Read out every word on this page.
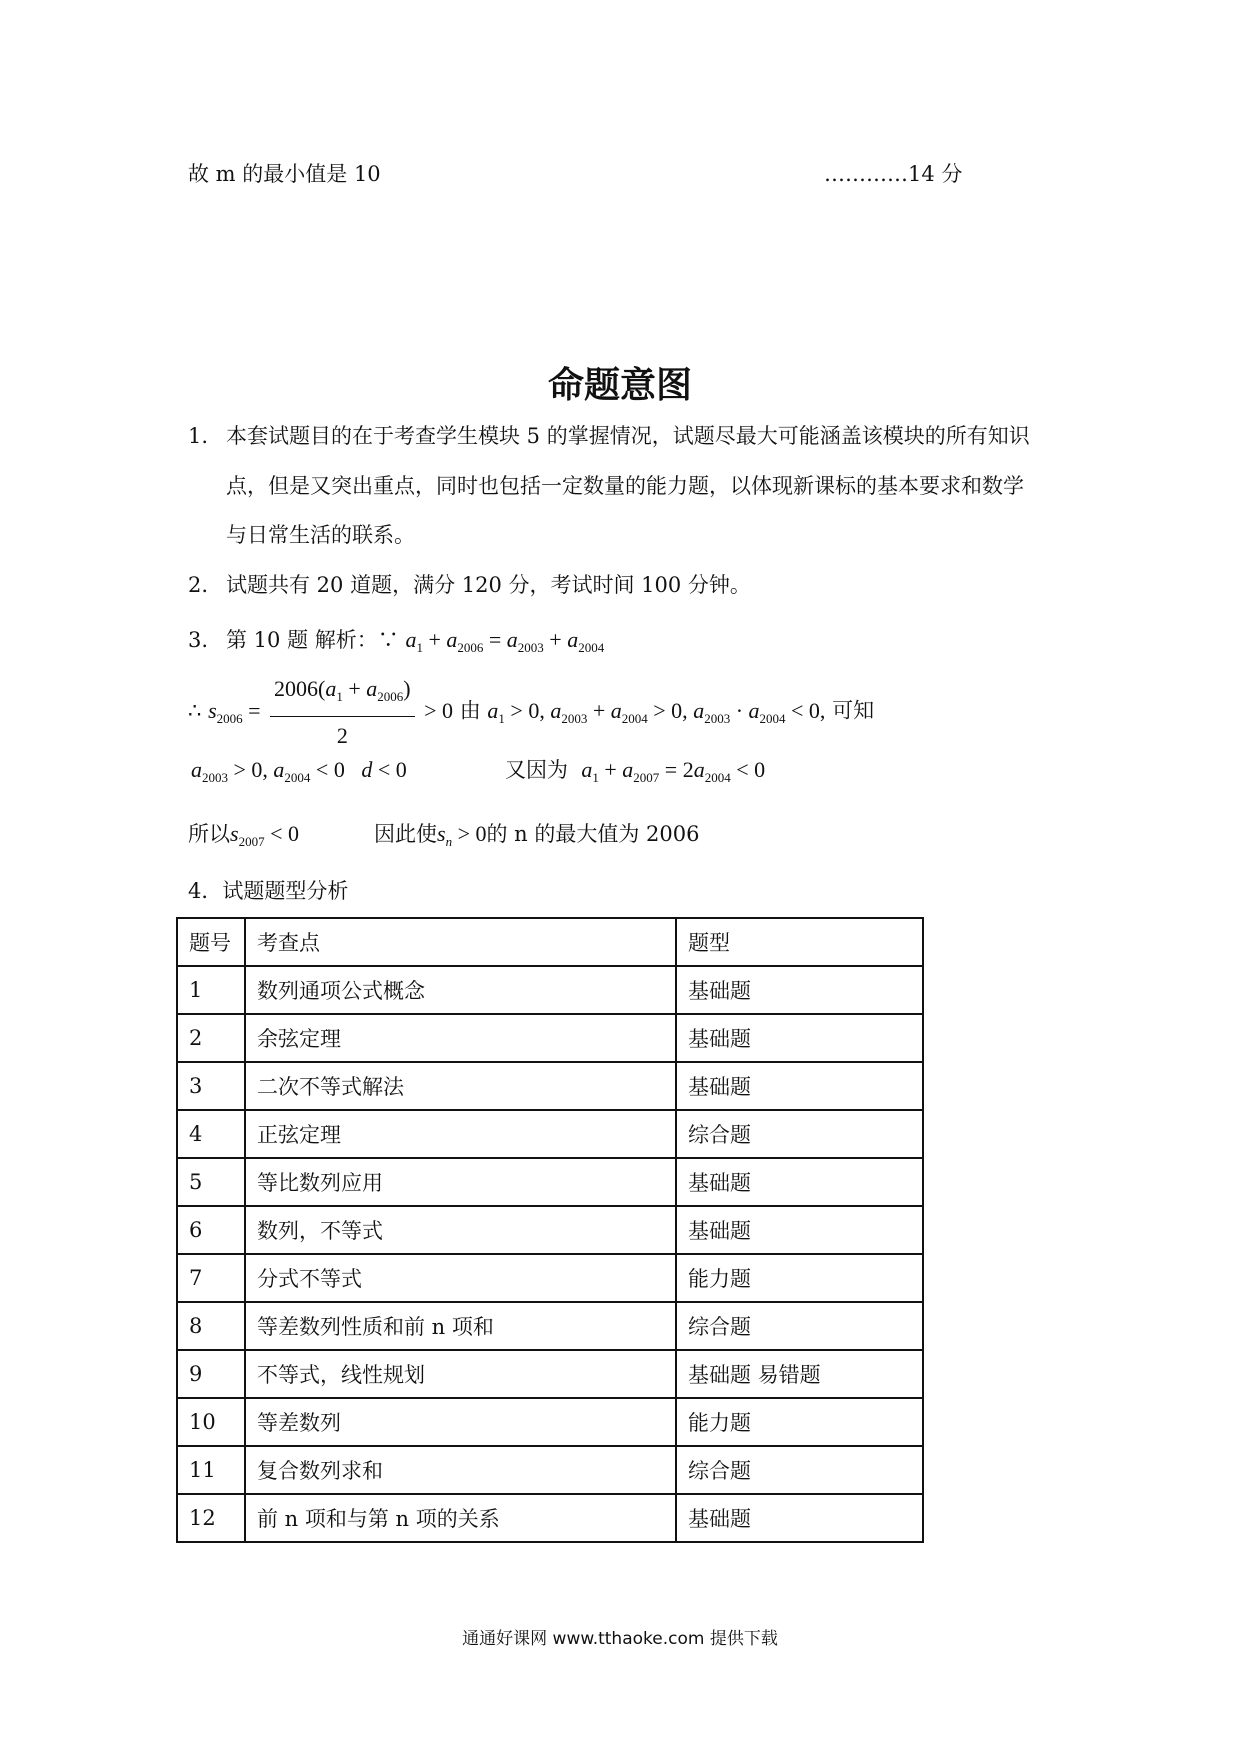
故 m 的最小值是 10	…………14 分
命题意图
1. 本套试题目的在于考查学生模块 5 的掌握情况，试题尽最大可能涵盖该模块的所有知识
点，但是又突出重点，同时也包括一定数量的能力题，以体现新课标的基本要求和数学
与日常生活的联系。
2. 试题共有 20 道题，满分 120 分，考试时间 100 分钟。
3. 第 10 题 解析：∵ $a_1 + a_{2006} = a_{2003} + a_{2004}$
∴ $s_{2006} = \frac{2006(a_1 + a_{2006})}{2} > 0$ 由 $a_1 > 0$, $a_{2003} + a_{2004} > 0$, $a_{2003} \cdot a_{2004} < 0$, 可知
$a_{2003} > 0$, $a_{2004} < 0$   d < 0	又因为 $a_1 + a_{2007} = 2a_{2004} < 0$
所以$s_{2007} < 0$	因此使$s_n > 0$的 n 的最大值为 2006
4．试题题型分析
题号	考查点	题型
1	数列通项公式概念	基础题
2	余弦定理	基础题
3	二次不等式解法	基础题
4	正弦定理	综合题
5	等比数列应用	基础题
6	数列，不等式	基础题
7	分式不等式	能力题
8	等差数列性质和前 n 项和	综合题
9	不等式，线性规划	基础题 易错题
10	等差数列	能力题
11	复合数列求和	综合题
12	前 n 项和与第 n 项的关系	基础题
通通好课网 www.tthaoke.com 提供下载
